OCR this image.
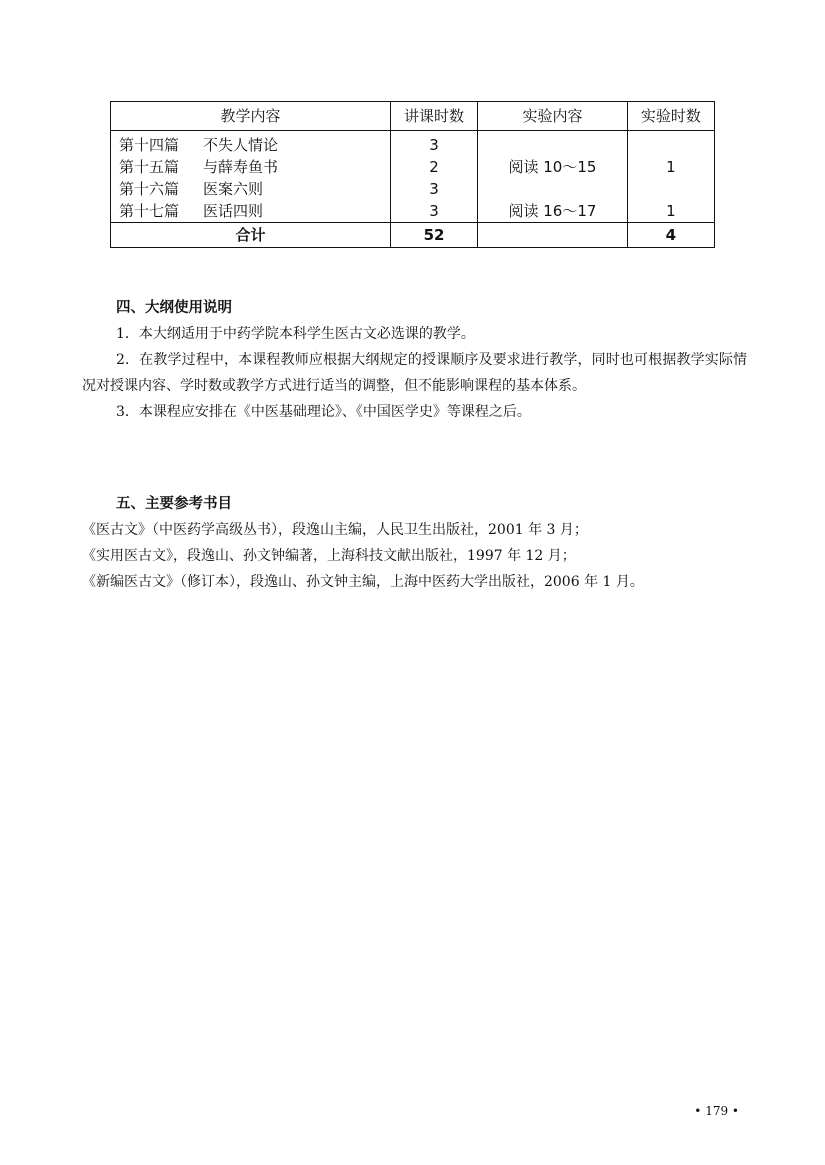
教学内容	讲课时数	实验内容	实验时数
第十四篇 不失人情论	3		
第十五篇 与薛寿鱼书	2	阅读 10～15	1
第十六篇 医案六则	3		
第十七篇 医话四则	3	阅读 16～17	1
合计	52		4
四、大纲使用说明
1．本大纲适用于中药学院本科学生医古文必选课的教学。
2．在教学过程中，本课程教师应根据大纲规定的授课顺序及要求进行教学，同时也可根据教学实际情况对授课内容、学时数或教学方式进行适当的调整，但不能影响课程的基本体系。
3．本课程应安排在《中医基础理论》、《中国医学史》等课程之后。
五、主要参考书目
《医古文》（中医药学高级丛书），段逸山主编，人民卫生出版社，2001 年 3 月；
《实用医古文》，段逸山、孙文钟编著，上海科技文献出版社，1997 年 12 月；
《新编医古文》（修订本），段逸山、孙文钟主编，上海中医药大学出版社，2006 年 1 月。
• 179 •
